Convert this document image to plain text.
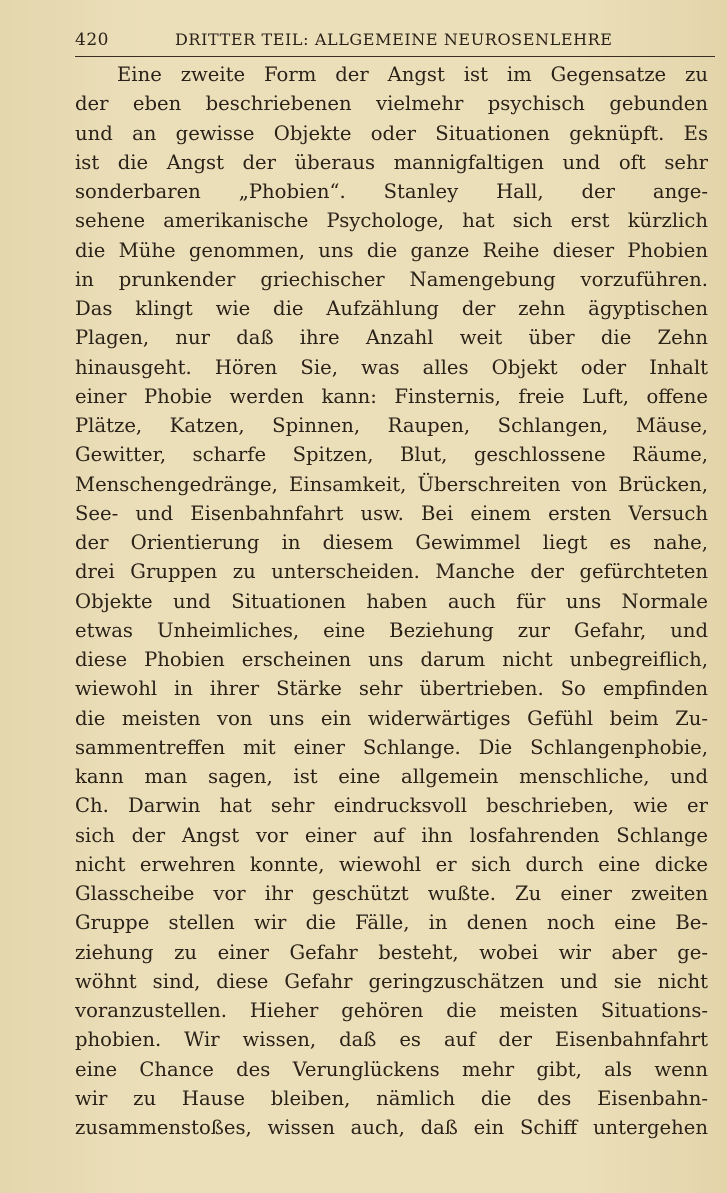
420	DRITTER TEIL: ALLGEMEINE NEUROSENLEHRE
Eine zweite Form der Angst ist im Gegensatze zu
der eben beschriebenen vielmehr psychisch gebunden
und an gewisse Objekte oder Situationen geknüpft. Es
ist die Angst der überaus mannigfaltigen und oft sehr
sonderbaren „Phobien“. Stanley Hall, der ange-
sehene amerikanische Psychologe, hat sich erst kürzlich
die Mühe genommen, uns die ganze Reihe dieser Phobien
in prunkender griechischer Namengebung vorzuführen.
Das klingt wie die Aufzählung der zehn ägyptischen
Plagen, nur daß ihre Anzahl weit über die Zehn
hinausgeht. Hören Sie, was alles Objekt oder Inhalt
einer Phobie werden kann: Finsternis, freie Luft, offene
Plätze, Katzen, Spinnen, Raupen, Schlangen, Mäuse,
Gewitter, scharfe Spitzen, Blut, geschlossene Räume,
Menschengedränge, Einsamkeit, Überschreiten von Brücken,
See- und Eisenbahnfahrt usw. Bei einem ersten Versuch
der Orientierung in diesem Gewimmel liegt es nahe,
drei Gruppen zu unterscheiden. Manche der gefürchteten
Objekte und Situationen haben auch für uns Normale
etwas Unheimliches, eine Beziehung zur Gefahr, und
diese Phobien erscheinen uns darum nicht unbegreiflich,
wiewohl in ihrer Stärke sehr übertrieben. So empfinden
die meisten von uns ein widerwärtiges Gefühl beim Zu-
sammentreffen mit einer Schlange. Die Schlangenphobie,
kann man sagen, ist eine allgemein menschliche, und
Ch. Darwin hat sehr eindrucksvoll beschrieben, wie er
sich der Angst vor einer auf ihn losfahrenden Schlange
nicht erwehren konnte, wiewohl er sich durch eine dicke
Glasscheibe vor ihr geschützt wußte. Zu einer zweiten
Gruppe stellen wir die Fälle, in denen noch eine Be-
ziehung zu einer Gefahr besteht, wobei wir aber ge-
wöhnt sind, diese Gefahr geringzuschätzen und sie nicht
voranzustellen. Hieher gehören die meisten Situations-
phobien. Wir wissen, daß es auf der Eisenbahnfahrt
eine Chance des Verunglückens mehr gibt, als wenn
wir zu Hause bleiben, nämlich die des Eisenbahn-
zusammenstoßes, wissen auch, daß ein Schiff untergehen
